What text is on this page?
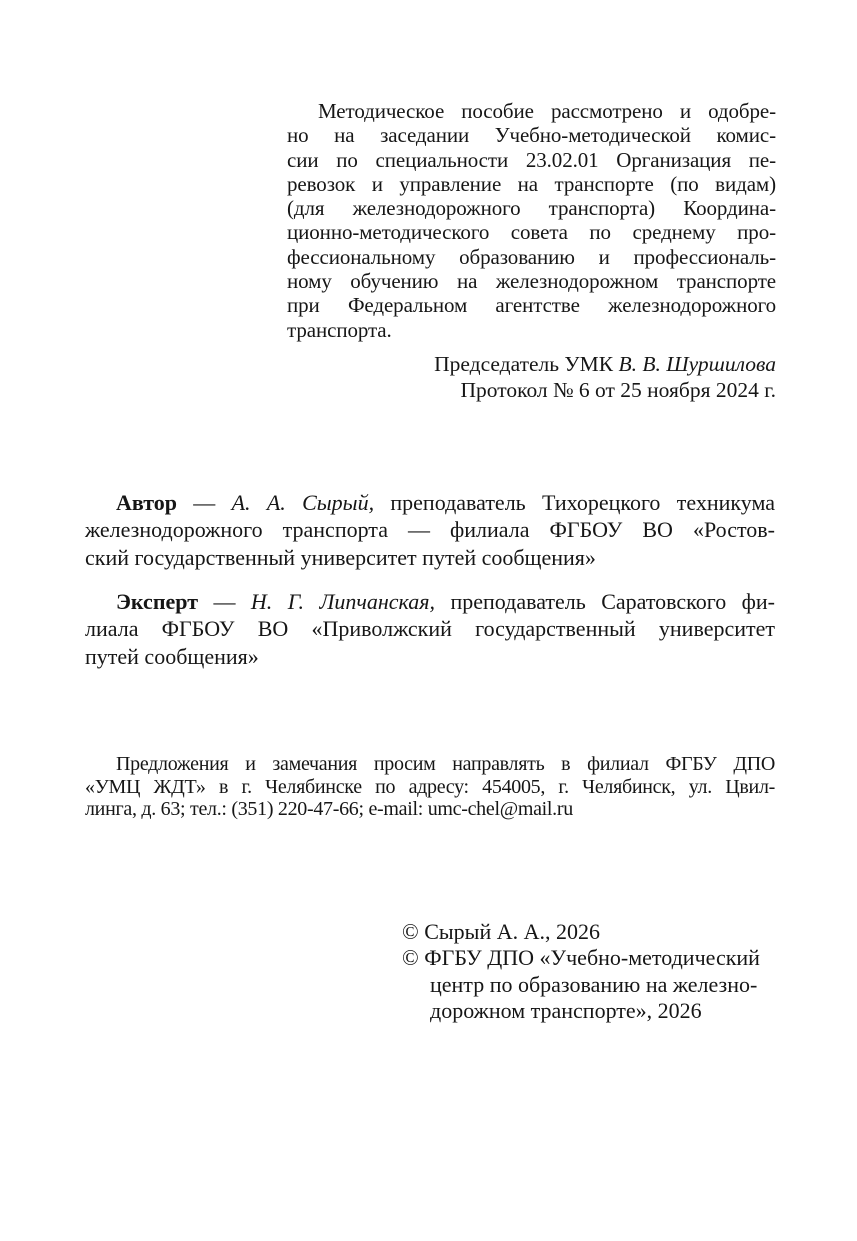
Методическое пособие рассмотрено и одобре-
но на заседании Учебно-методической комис-
сии по специальности 23.02.01 Организация пе-
ревозок и управление на транспорте (по видам)
(для железнодорожного транспорта) Координа-
ционно-методического совета по среднему про-
фессиональному образованию и профессиональ-
ному обучению на железнодорожном транспорте
при Федеральном агентстве железнодорожного
транспорта.
Председатель УМК В. В. Шуршилова
Протокол № 6 от 25 ноября 2024 г.
Автор — А. А. Сырый, преподаватель Тихорецкого техникума
железнодорожного транспорта — филиала ФГБОУ ВО «Ростов-
ский государственный университет путей сообщения»
Эксперт — Н. Г. Липчанская, преподаватель Саратовского фи-
лиала ФГБОУ ВО «Приволжский государственный университет
путей сообщения»
Предложения и замечания просим направлять в филиал ФГБУ ДПО
«УМЦ ЖДТ» в г. Челябинске по адресу: 454005, г. Челябинск, ул. Цвил-
линга, д. 63; тел.: (351) 220-47-66; e-mail: umc-chel@mail.ru
© Сырый А. А., 2026
© ФГБУ ДПО «Учебно-методический
центр по образованию на железно-
дорожном транспорте», 2026
